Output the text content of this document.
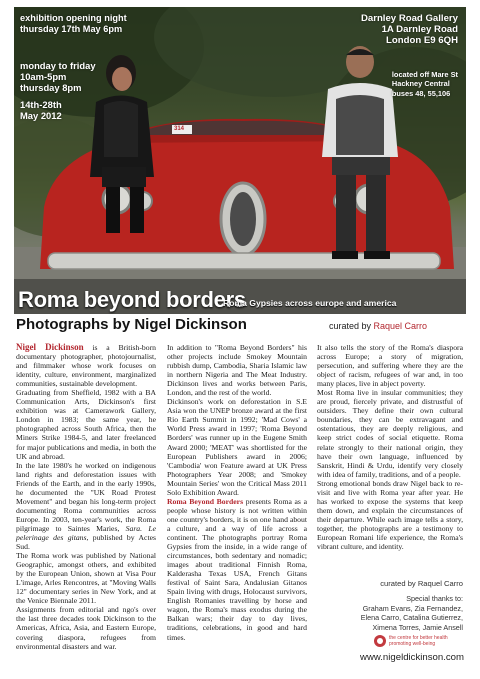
314
exhibition opening night
thursday 17th May 6pm
monday to friday
10am-5pm
thursday 8pm
14th-28th
May 2012
Darnley Road Gallery
1A Darnley Road
London E9 6QH
located off Mare St
Hackney Central
buses 48, 55,106
Roma beyond borders
Roma Gypsies across europe and america
Photographs by Nigel Dickinson	curated by Raquel Carro

Nigel Dickinson is a British-born documentary photographer, photojournalist, and filmmaker whose work focuses on identity, culture, environment, marginalized communities, sustainable development.

Graduating from Sheffield, 1982 with a BA Communication Arts, Dickinson's first exhibition was at Camerawork Gallery, London in 1983; the same year, he photographed across South Africa, then the Miners Strike 1984-5, and later freelanced for major publications and media, in both the UK and abroad.

In the late 1980's he worked on indigenous land rights and deforestation issues with Friends of the Earth, and in the early 1990s, he documented the "UK Road Protest Movement" and began his long-term project documenting Roma communities across Europe. In 2003, ten-year's work, the Roma pilgrimage to Saintes Maries, Sara. Le pelerinage des gitans, published by Actes Sud.

The Roma work was published by National Geographic, amongst others, and exhibited by the European Union, shown at Visa Pour L'image, Arles Rencontres, at "Moving Walls 12" documentary series in New York, and at the Venice Biennale 2011.

Assignments from editorial and ngo's over the last three decades took Dickinson to the Americas, Africa, Asia, and Eastern Europe, covering diaspora, refugees from environmental disasters and war.

In addition to "Roma Beyond Borders" his other projects include Smokey Mountain rubbish dump, Cambodia, Sharia Islamic law in northern Nigeria and The Meat Industry. Dickinson lives and works between Paris, London, and the rest of the world.

Dickinson's work on deforestation in S.E Asia won the UNEP bronze award at the first Rio Earth Summit in 1992; 'Mad Cows' a World Press award in 1997; 'Roma Beyond Borders' was runner up in the Eugene Smith Award 2000; 'MEAT' was shortlisted for the European Publishers award in 2006; 'Cambodia' won Feature award at UK Press Photographers Year 2008; and 'Smokey Mountain Series' won the Critical Mass 2011 Solo Exhibition Award.

Roma Beyond Borders presents Roma as a people whose history is not written within one country's borders, it is on one hand about a culture, and a way of life across a continent. The photographs portray Roma Gypsies from the inside, in a wide range of circumstances, both sedentary and nomadic; images about traditional Finnish Roma, Kalderasha Texas USA, French Gitans festival of Saint Sara, Andalusian Gitanos Spain living with drugs, Holocaust survivors, English Romanies travelling by horse and wagon, the Roma's mass exodus during the Balkan wars; their day to day lives, traditions, celebrations, in good and hard times.

It also tells the story of the Roma's diaspora across Europe; a story of migration, persecution, and suffering where they are the object of racism, refugees of war and, in too many places, live in abject poverty.

Most Roma live in insular communities; they are proud, fiercely private, and distrustful of outsiders. They define their own cultural boundaries, they can be extravagant and ostentatious, they are deeply religious, and keep strict codes of social etiquette. Roma relate strongly to their national origin, they have their own language, influenced by Sanskrit, Hindi & Urdu, identify very closely with idea of family, traditions, and of a people.

Strong emotional bonds draw Nigel back to re-visit and live with Roma year after year. He has worked to expose the systems that keep them down, and explain the circumstances of their departure. While each image tells a story, together, the photographs are a testimony to European Romani life experience, the Roma's vibrant culture, and identity.

curated by Raquel Carro
Special thanks to:
Graham Evans, Zia Fernandez,
Elena Carro, Catalina Gutierrez,
Ximena Torres, Jamie Ansell
the centre for better health
promoting well-being
www.nigeldickinson.com
